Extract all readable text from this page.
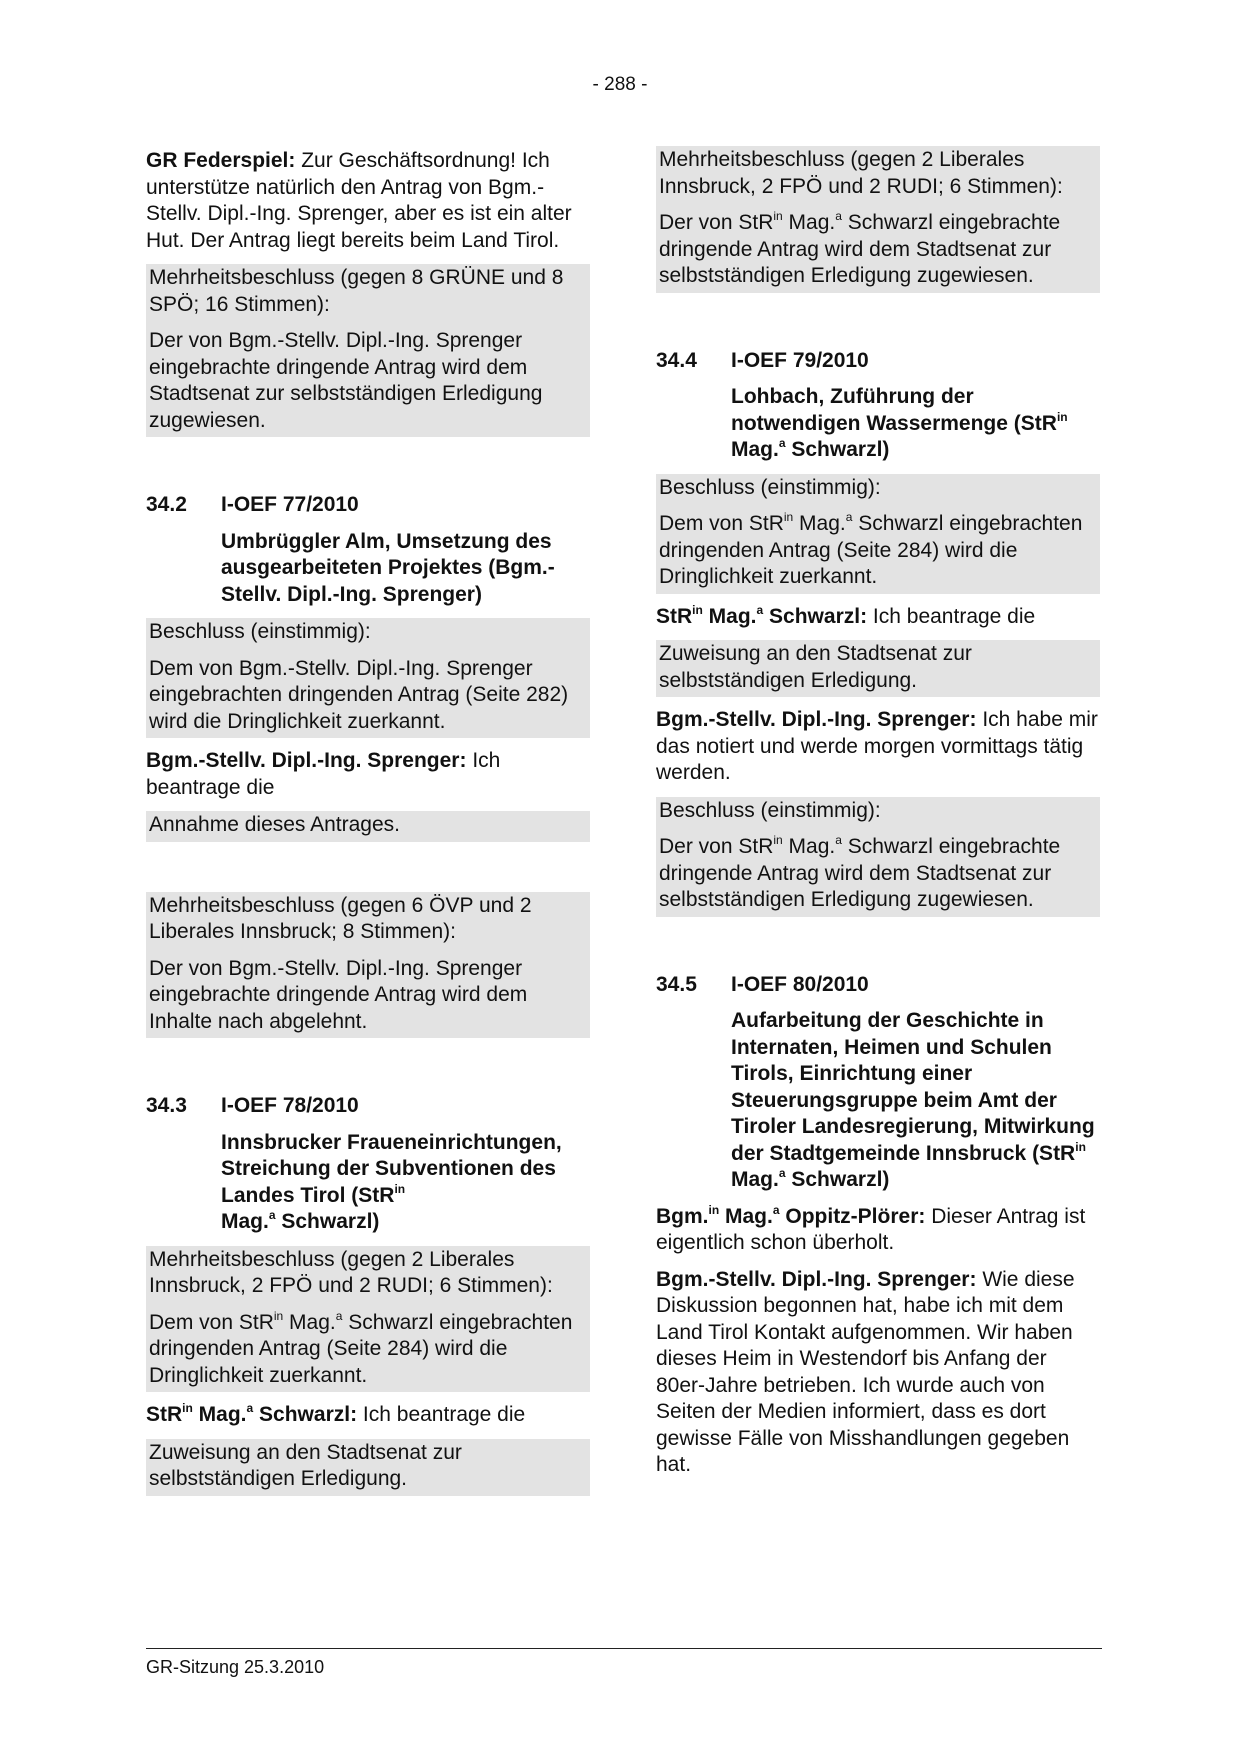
- 288 -

GR Federspiel: Zur Geschäftsordnung! Ich unterstütze natürlich den Antrag von Bgm.-Stellv. Dipl.-Ing. Sprenger, aber es ist ein alter Hut. Der Antrag liegt bereits beim Land Tirol.

Mehrheitsbeschluss (gegen 8 GRÜNE und 8 SPÖ; 16 Stimmen):

Der von Bgm.-Stellv. Dipl.-Ing. Sprenger eingebrachte dringende Antrag wird dem Stadtsenat zur selbstständigen Erledigung zugewiesen.

34.2	I-OEF 77/2010

Umbrüggler Alm, Umsetzung des ausgearbeiteten Projektes (Bgm.-Stellv. Dipl.-Ing. Sprenger)

Beschluss (einstimmig):

Dem von Bgm.-Stellv. Dipl.-Ing. Sprenger eingebrachten dringenden Antrag (Seite 282) wird die Dringlichkeit zuerkannt.

Bgm.-Stellv. Dipl.-Ing. Sprenger: Ich beantrage die

Annahme dieses Antrages.

Mehrheitsbeschluss (gegen 6 ÖVP und 2 Liberales Innsbruck; 8 Stimmen):

Der von Bgm.-Stellv. Dipl.-Ing. Sprenger eingebrachte dringende Antrag wird dem Inhalte nach abgelehnt.

34.3	I-OEF 78/2010

Innsbrucker Fraueneinrichtungen, Streichung der Subventionen des Landes Tirol (StR$^{in}$
Mag.$^a$ Schwarzl)

Mehrheitsbeschluss (gegen 2 Liberales Innsbruck, 2 FPÖ und 2 RUDI; 6 Stimmen):

Dem von StR$^{in}$ Mag.$^a$ Schwarzl eingebrachten dringenden Antrag (Seite 284) wird die Dringlichkeit zuerkannt.

StR$^{in}$ Mag.$^a$ Schwarzl: Ich beantrage die

Zuweisung an den Stadtsenat zur selbstständigen Erledigung.

Mehrheitsbeschluss (gegen 2 Liberales Innsbruck, 2 FPÖ und 2 RUDI; 6 Stimmen):

Der von StR$^{in}$ Mag.$^a$ Schwarzl eingebrachte dringende Antrag wird dem Stadtsenat zur selbstständigen Erledigung zugewiesen.

34.4	I-OEF 79/2010

Lohbach, Zuführung der notwendigen Wassermenge (StR$^{in}$
Mag.$^a$ Schwarzl)

Beschluss (einstimmig):

Dem von StR$^{in}$ Mag.$^a$ Schwarzl eingebrachten dringenden Antrag (Seite 284) wird die Dringlichkeit zuerkannt.

StR$^{in}$ Mag.$^a$ Schwarzl: Ich beantrage die

Zuweisung an den Stadtsenat zur selbstständigen Erledigung.

Bgm.-Stellv. Dipl.-Ing. Sprenger: Ich habe mir das notiert und werde morgen vormittags tätig werden.

Beschluss (einstimmig):

Der von StR$^{in}$ Mag.$^a$ Schwarzl eingebrachte dringende Antrag wird dem Stadtsenat zur selbstständigen Erledigung zugewiesen.

34.5	I-OEF 80/2010

Aufarbeitung der Geschichte in Internaten, Heimen und Schulen Tirols, Einrichtung einer Steuerungsgruppe beim Amt der Tiroler Landesregierung, Mitwirkung der Stadtgemeinde Innsbruck (StR$^{in}$ Mag.$^a$ Schwarzl)

Bgm.$^{in}$ Mag.$^a$ Oppitz-Plörer: Dieser Antrag ist eigentlich schon überholt.

Bgm.-Stellv. Dipl.-Ing. Sprenger: Wie diese Diskussion begonnen hat, habe ich mit dem Land Tirol Kontakt aufgenommen. Wir haben dieses Heim in Westendorf bis Anfang der 80er-Jahre betrieben. Ich wurde auch von Seiten der Medien informiert, dass es dort gewisse Fälle von Misshandlungen gegeben hat.

GR-Sitzung 25.3.2010
